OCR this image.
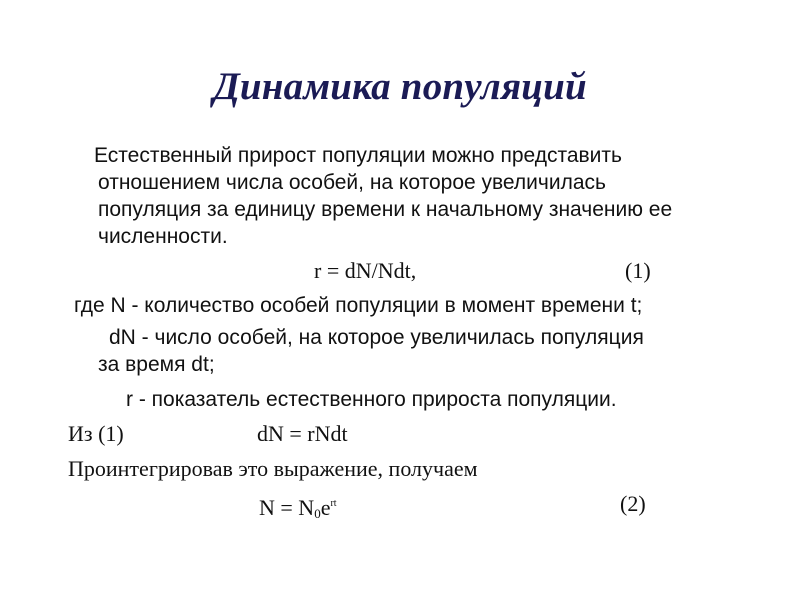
Динамика популяций
Естественный прирост популяции можно представить
отношением числа особей, на которое увеличилась
популяция за единицу времени к начальному значению ее
численности.
r = dN/Ndt,	(1)
где N - количество особей популяции в момент времени t;
dN - число особей, на которое увеличилась популяция
за время dt;
r - показатель естественного прироста популяции.
Из (1)	dN = rNdt
Проинтегрировав это выражение, получаем
$N = N_0e^{rt}$	(2)
